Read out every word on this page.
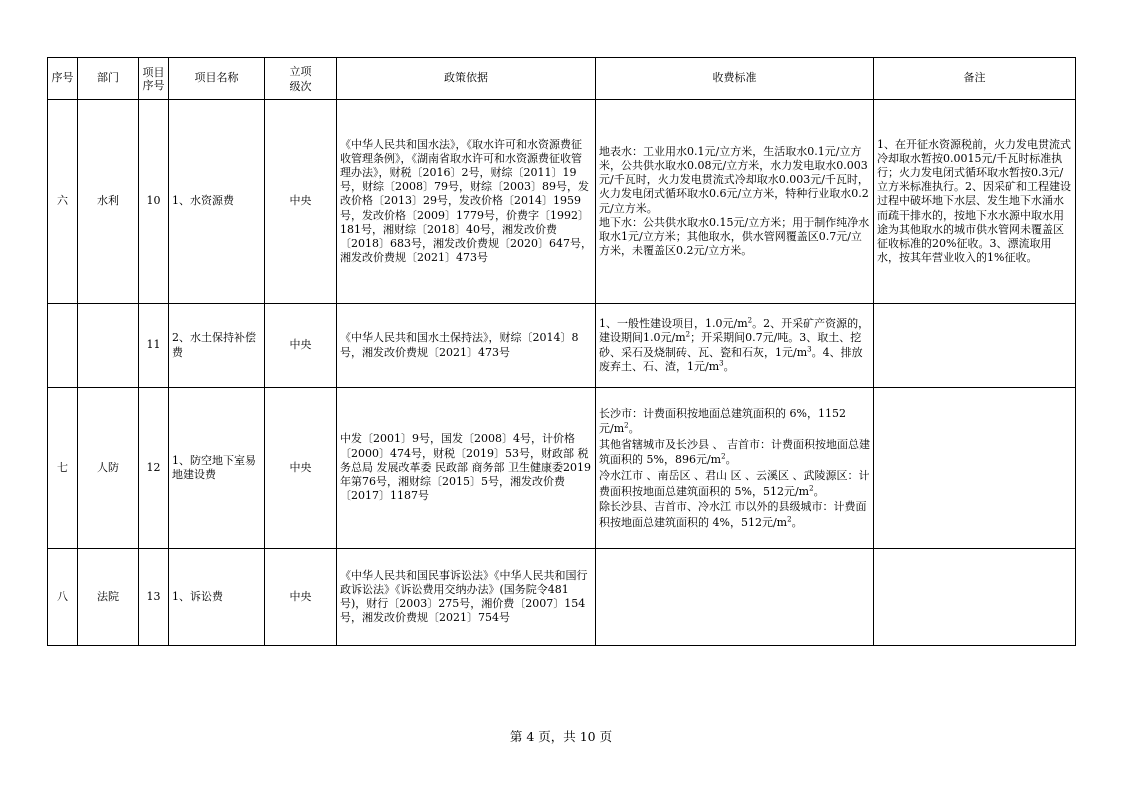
序号	部门	项目序号	项目名称	立项级次	政策依据	收费标准	备注
六	水利	10	1、水资源费	中央	《中华人民共和国水法》，《取水许可和水资源费征收管理条例》，《湖南省取水许可和水资源费征收管理办法》，财税〔2016〕2号，财综〔2011〕19号，财综〔2008〕79号，财综〔2003〕89号，发改价格〔2013〕29号，发改价格〔2014〕1959号，发改价格〔2009〕1779号，价费字〔1992〕181号，湘财综〔2018〕40号，湘发改价费〔2018〕683号，湘发改价费规〔2020〕647号，湘发改价费规〔2021〕473号	地表水：工业用水0.1元/立方米，生活取水0.1元/立方米，公共供水取水0.08元/立方米，水力发电取水0.003元/千瓦时，火力发电贯流式冷却取水0.003元/千瓦时，火力发电闭式循环取水0.6元/立方米，特种行业取水0.2元/立方米。
地下水：公共供水取水0.15元/立方米；用于制作纯净水取水1元/立方米；其他取水，供水管网覆盖区0.7元/立方米，未覆盖区0.2元/立方米。	1、在开征水资源税前，火力发电贯流式冷却取水暂按0.0015元/千瓦时标准执行；火力发电闭式循环取水暂按0.3元/立方米标准执行。2、因采矿和工程建设过程中破坏地下水层、发生地下水涌水而疏干排水的，按地下水水源中取水用途为其他取水的城市供水管网未覆盖区征收标准的20%征收。3、漂流取用水，按其年营业收入的1%征收。
		11	2、水土保持补偿费	中央	《中华人民共和国水土保持法》，财综〔2014〕8号，湘发改价费规〔2021〕473号	1、一般性建设项目，1.0元$/m^2$。2、开采矿产资源的，建设期间1.0元$/m^2$；开采期间0.7元/吨。3、取土、挖砂、采石及烧制砖、瓦、瓷和石灰，1元$/m^3$。4、排放废弃土、石、渣，1元$/m^3$。	
七	人防	12	1、防空地下室易地建设费	中央	中发〔2001〕9号，国发〔2008〕4号，计价格〔2000〕474号，财税〔2019〕53号，财政部 税务总局 发展改革委 民政部 商务部 卫生健康委2019年第76号，湘财综〔2015〕5号，湘发改价费〔2017〕1187号	长沙市：计费面积按地面总建筑面积的 6%，1152元$/m^2$。
其他省辖城市及长沙县 、 吉首市：计费面积按地面总建筑面积的 5%，896元$/m^2$。
冷水江市 、南岳区 、君山 区 、云溪区 、武陵源区：计费面积按地面总建筑面积的 5%，512元$/m^2$。
除长沙县、吉首市、冷水江 市以外的县级城市：计费面积按地面总建筑面积的 4%，512元$/m^2$。	

八	法院	13	1、诉讼费	中央	《中华人民共和国民事诉讼法》《中华人民共和国行政诉讼法》《诉讼费用交纳办法》(国务院令481号)，财行〔2003〕275号，湘价费〔2007〕154号，湘发改价费规〔2021〕754号		
第 4 页，共 10 页
